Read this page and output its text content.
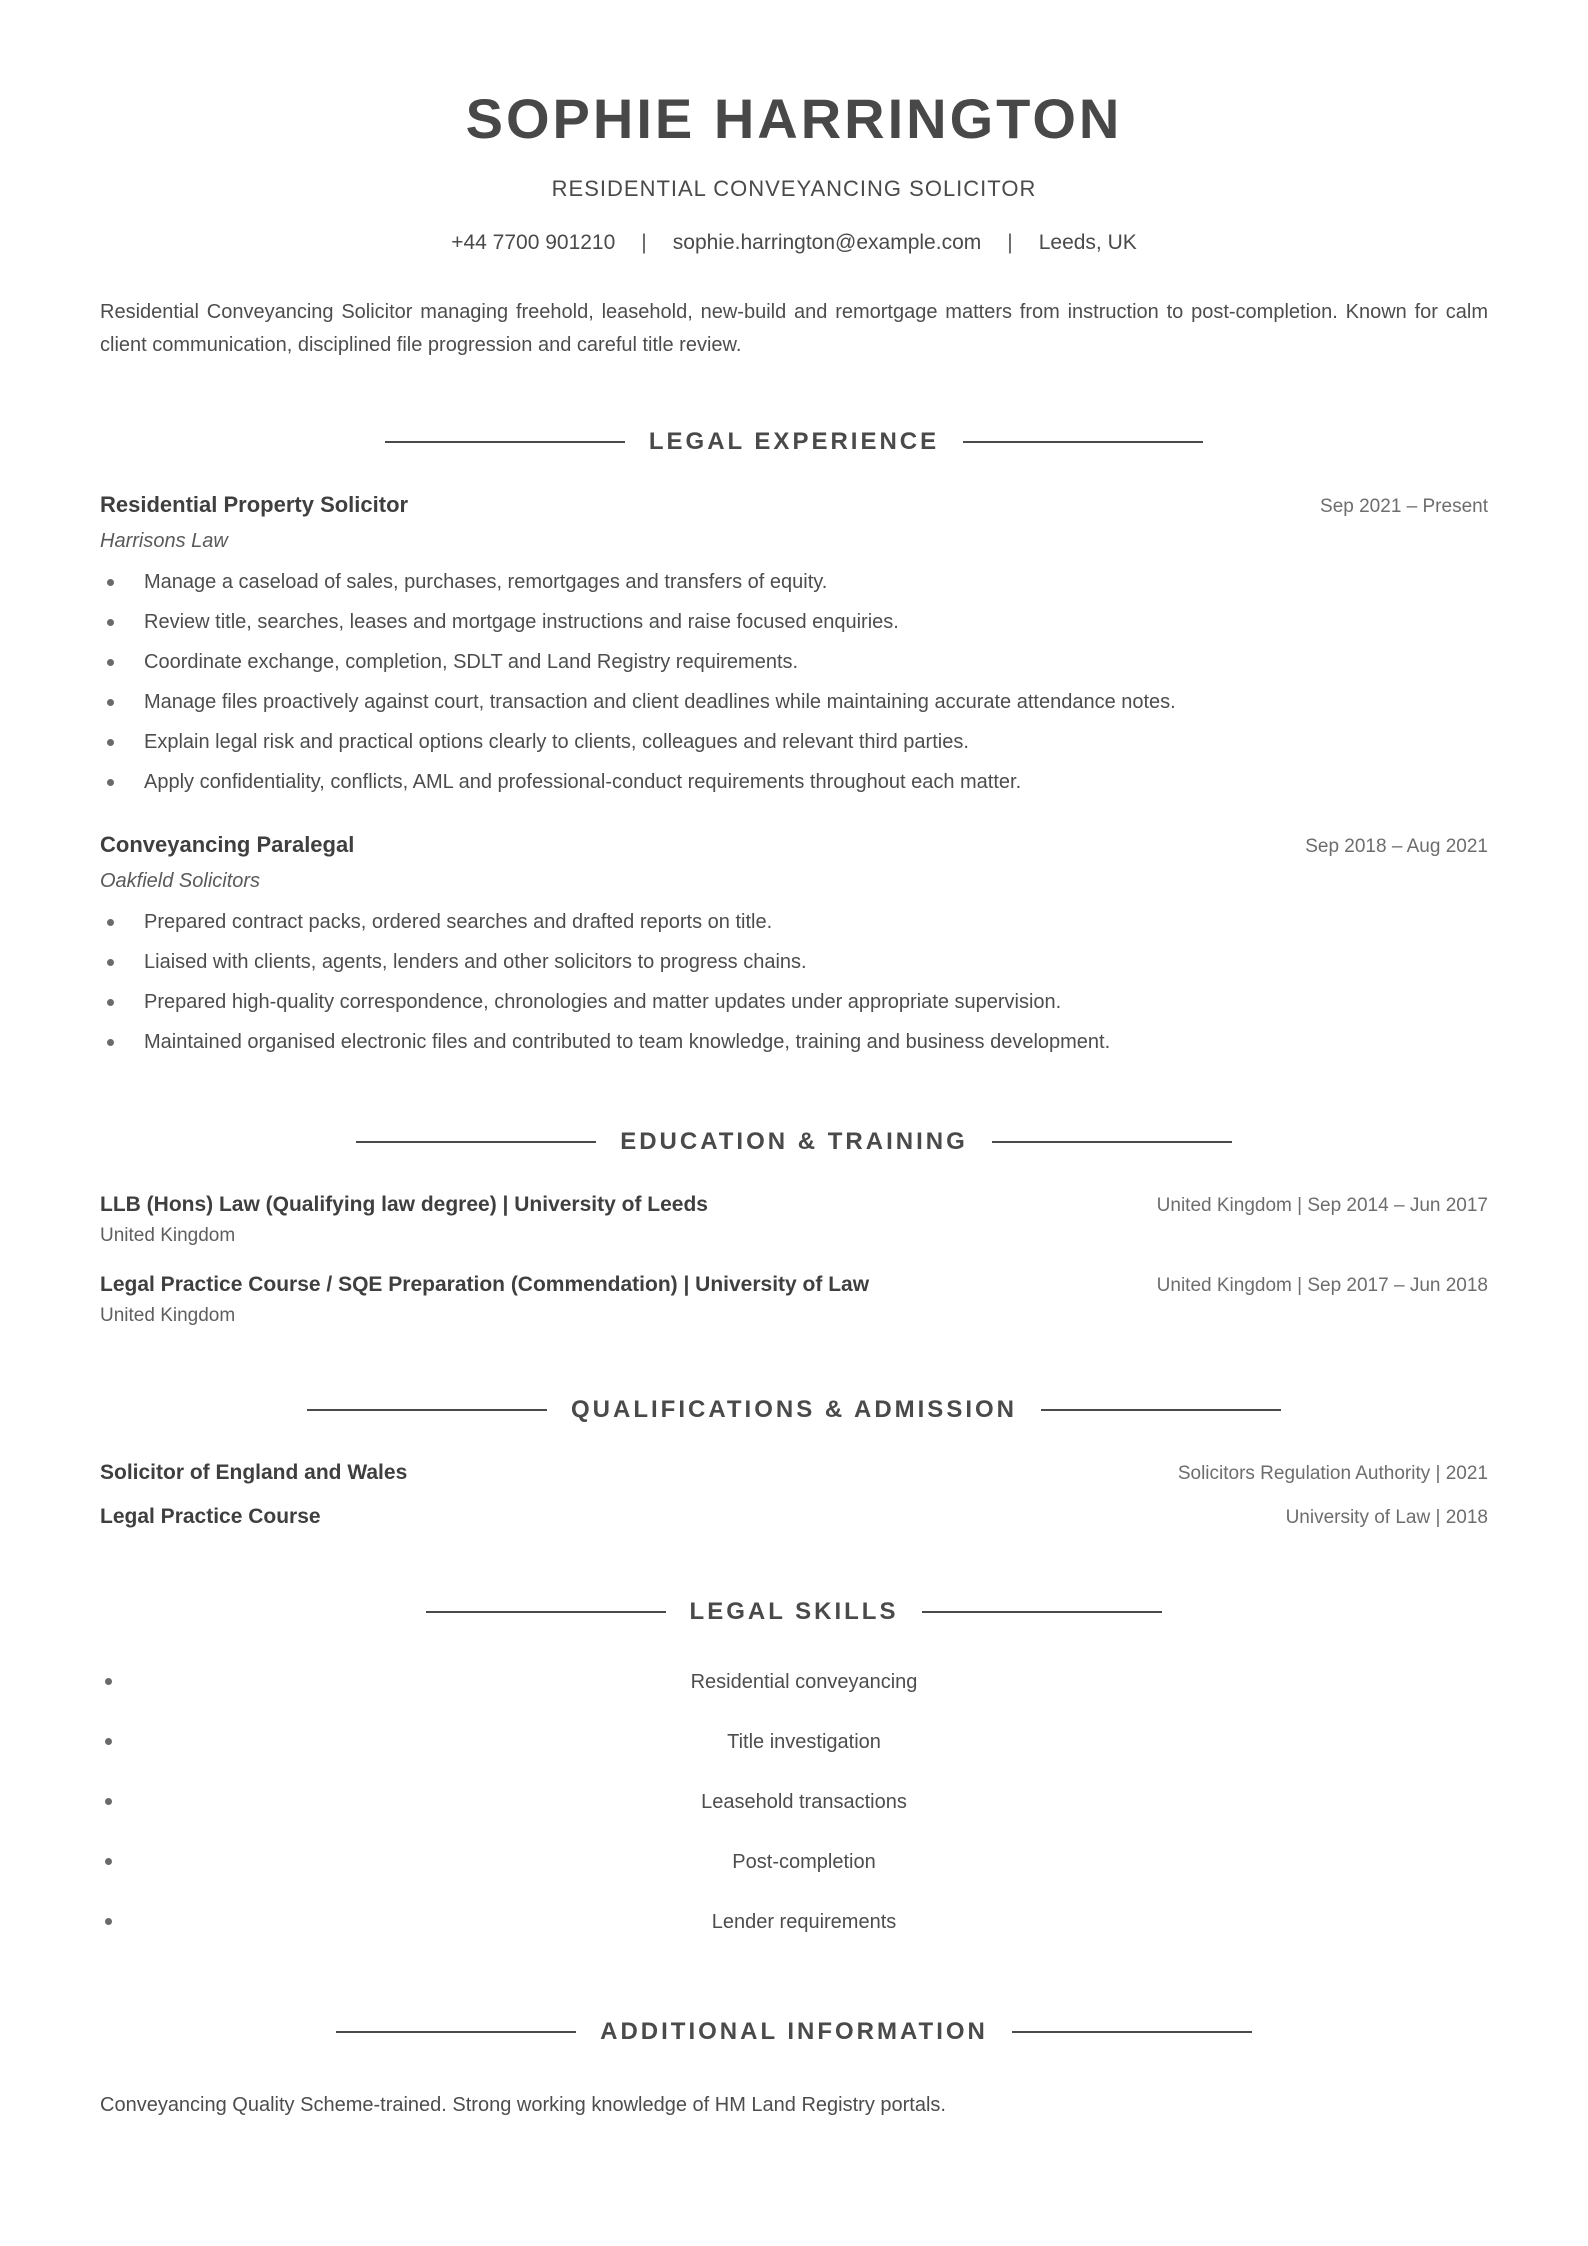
SOPHIE HARRINGTON
RESIDENTIAL CONVEYANCING SOLICITOR
+44 7700 901210 | sophie.harrington@example.com | Leeds, UK
Residential Conveyancing Solicitor managing freehold, leasehold, new-build and remortgage matters from instruction to post-completion. Known for calm client communication, disciplined file progression and careful title review.
LEGAL EXPERIENCE
Residential Property Solicitor	Sep 2021 – Present
Harrisons Law
Manage a caseload of sales, purchases, remortgages and transfers of equity.
Review title, searches, leases and mortgage instructions and raise focused enquiries.
Coordinate exchange, completion, SDLT and Land Registry requirements.
Manage files proactively against court, transaction and client deadlines while maintaining accurate attendance notes.
Explain legal risk and practical options clearly to clients, colleagues and relevant third parties.
Apply confidentiality, conflicts, AML and professional-conduct requirements throughout each matter.
Conveyancing Paralegal	Sep 2018 – Aug 2021
Oakfield Solicitors
Prepared contract packs, ordered searches and drafted reports on title.
Liaised with clients, agents, lenders and other solicitors to progress chains.
Prepared high-quality correspondence, chronologies and matter updates under appropriate supervision.
Maintained organised electronic files and contributed to team knowledge, training and business development.
EDUCATION & TRAINING
LLB (Hons) Law (Qualifying law degree) | University of Leeds	United Kingdom | Sep 2014 – Jun 2017
United Kingdom
Legal Practice Course / SQE Preparation (Commendation) | University of Law	United Kingdom | Sep 2017 – Jun 2018
United Kingdom
QUALIFICATIONS & ADMISSION
Solicitor of England and Wales	Solicitors Regulation Authority | 2021
Legal Practice Course	University of Law | 2018
LEGAL SKILLS
Residential conveyancing
Title investigation
Leasehold transactions
Post-completion
Lender requirements
ADDITIONAL INFORMATION
Conveyancing Quality Scheme-trained. Strong working knowledge of HM Land Registry portals.
